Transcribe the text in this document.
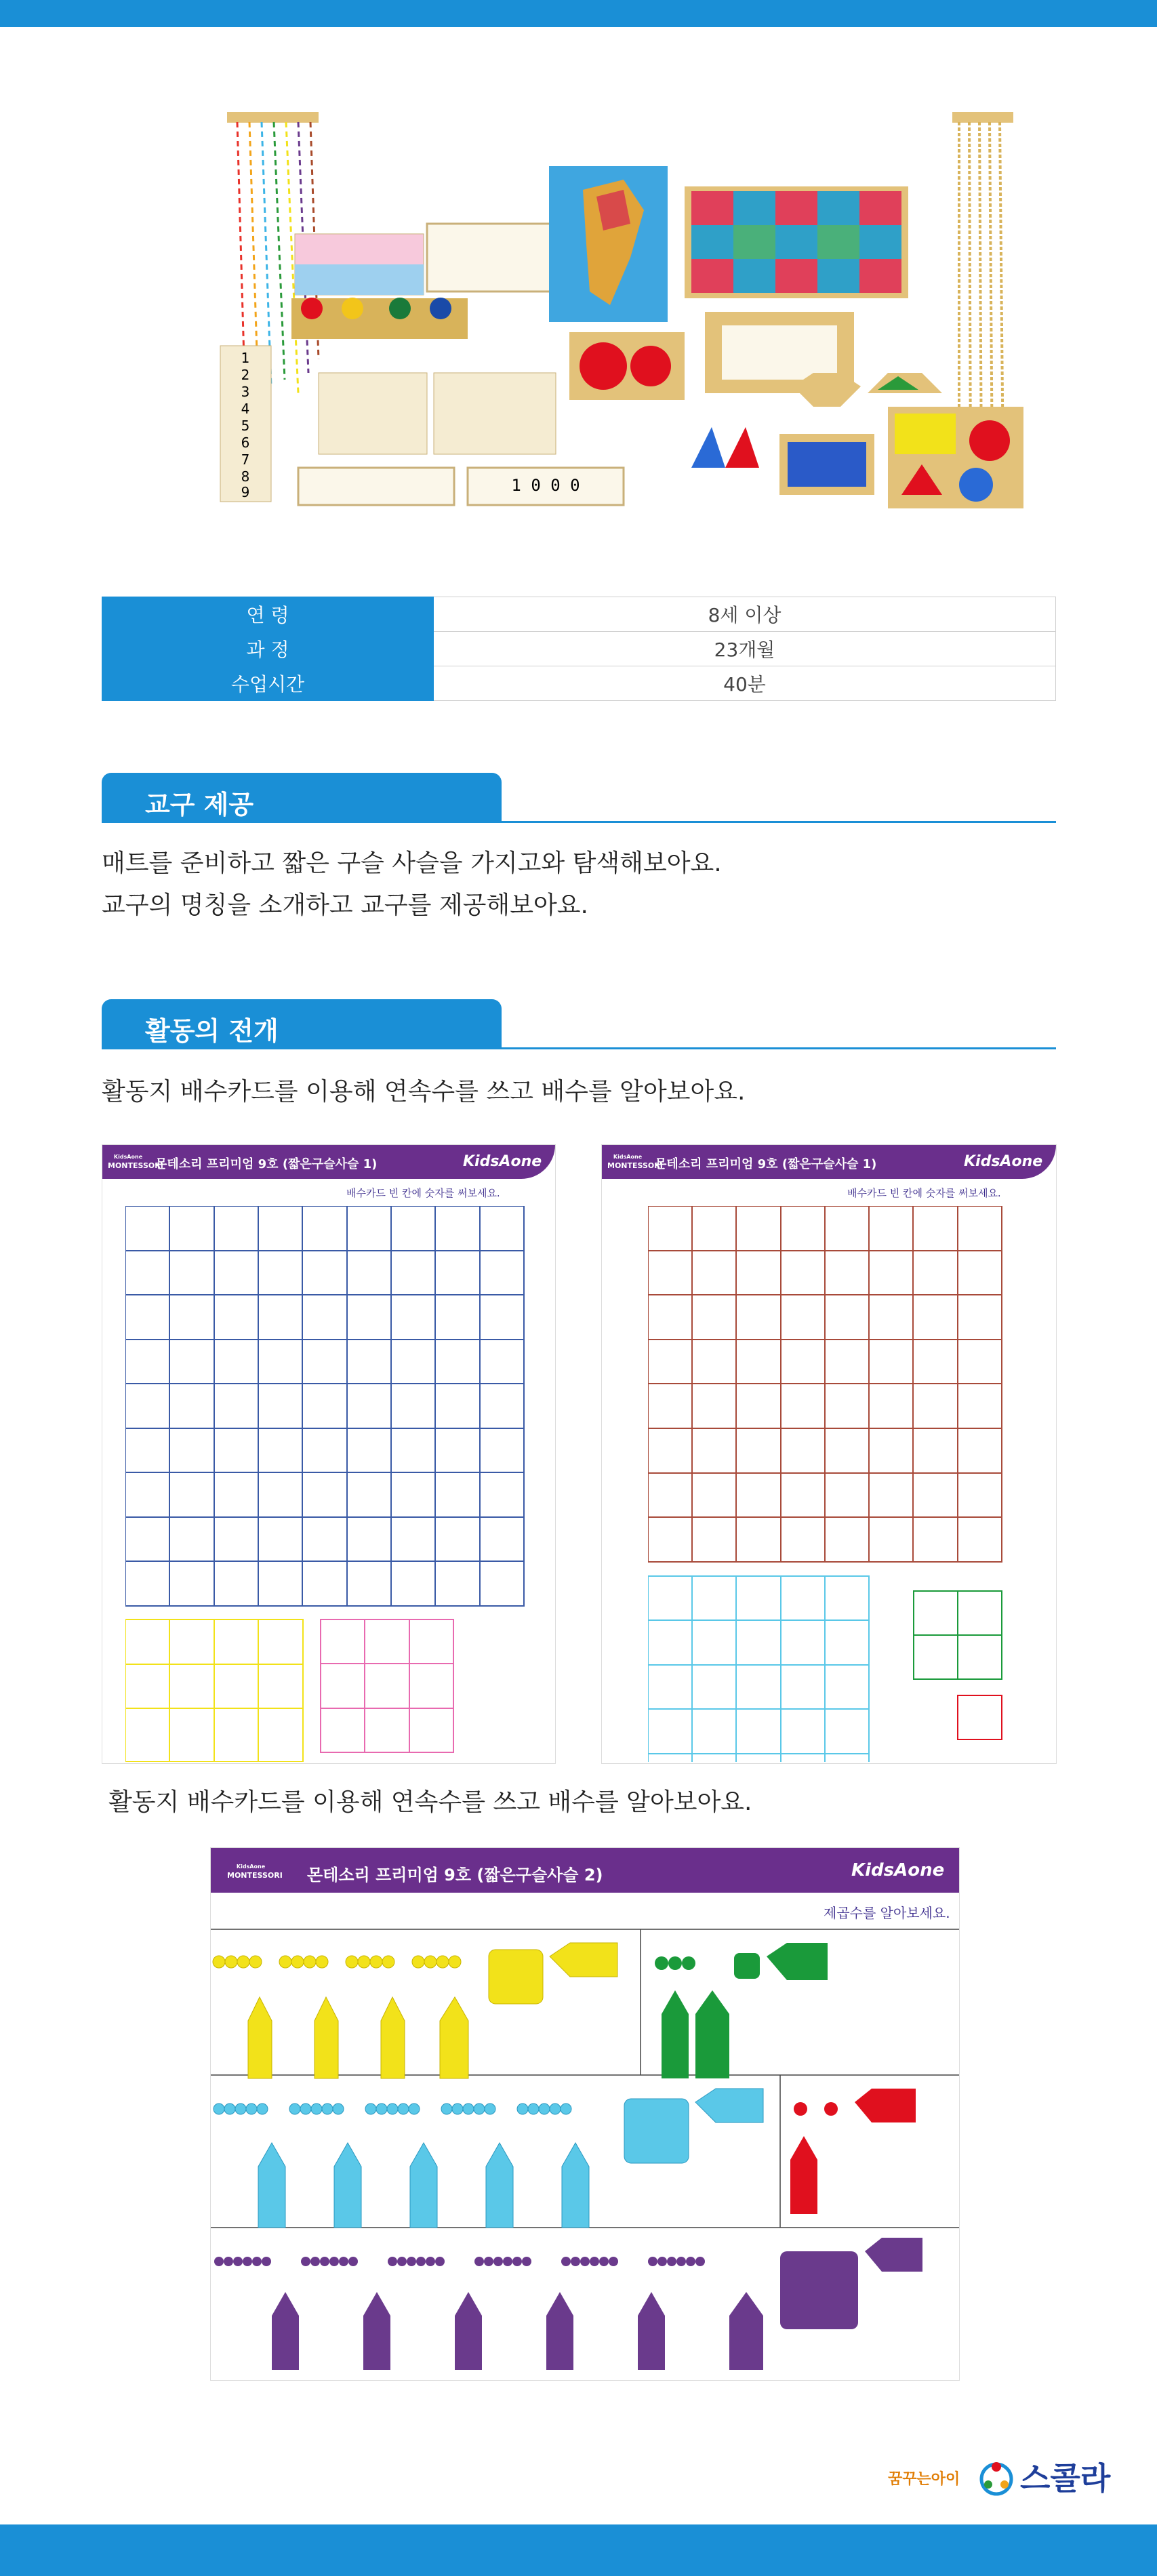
1
2
3
4
5
6
7
8
9	1 0 0 0
연 령	8세 이상
과 정	23개월
수업시간	40분
교구 제공

매트를 준비하고 짧은 구슬 사슬을 가지고와 탐색해보아요.

교구의 명칭을 소개하고 교구를 제공해보아요.

활동의 전개

활동지 배수카드를 이용해 연속수를 쓰고 배수를 알아보아요.

KidsAone
MONTESSORI
몬테소리 프리미엄 9호 (짧은구슬사슬 1)	KidsAone
배수카드 빈 칸에 숫자를 써보세요.
KidsAone
MONTESSORI
몬테소리 프리미엄 9호 (짧은구슬사슬 1)	KidsAone
배수카드 빈 칸에 숫자를 써보세요.

활동지 배수카드를 이용해 연속수를 쓰고 배수를 알아보아요.

KidsAone
MONTESSORI 몬테소리 프리미엄 9호 (짧은구슬사슬 2)	KidsAone
제곱수를 알아보세요.
꿈꾸는아이 스콜라
